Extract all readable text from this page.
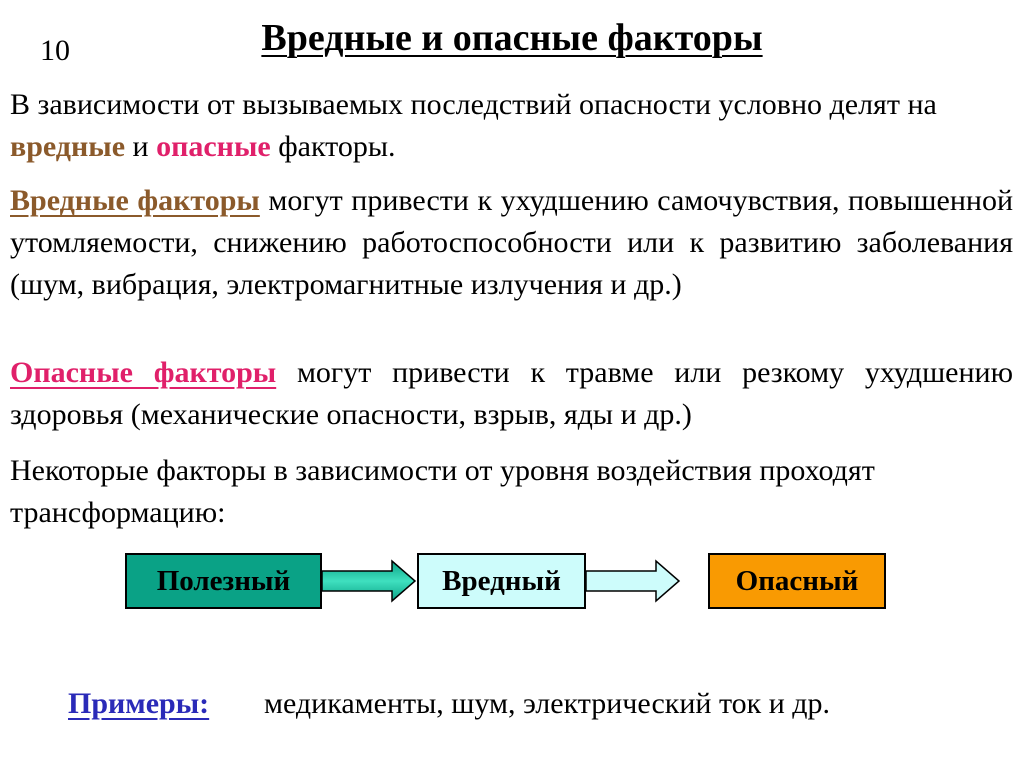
10	Вредные и опасные факторы

В зависимости от вызываемых последствий опасности условно делят на вредные и опасные факторы.

Вредные факторы могут привести к ухудшению самочувствия, повышенной утомляемости, снижению работоспособности или к развитию заболевания (шум, вибрация, электромагнитные излучения и др.)

Опасные факторы могут привести к травме или резкому ухудшению здоровья (механические опасности, взрыв, яды и др.)

Некоторые факторы в зависимости от уровня воздействия проходят трансформацию:

Полезный	Вредный	Опасный
Примеры: медикаменты, шум, электрический ток и др.
